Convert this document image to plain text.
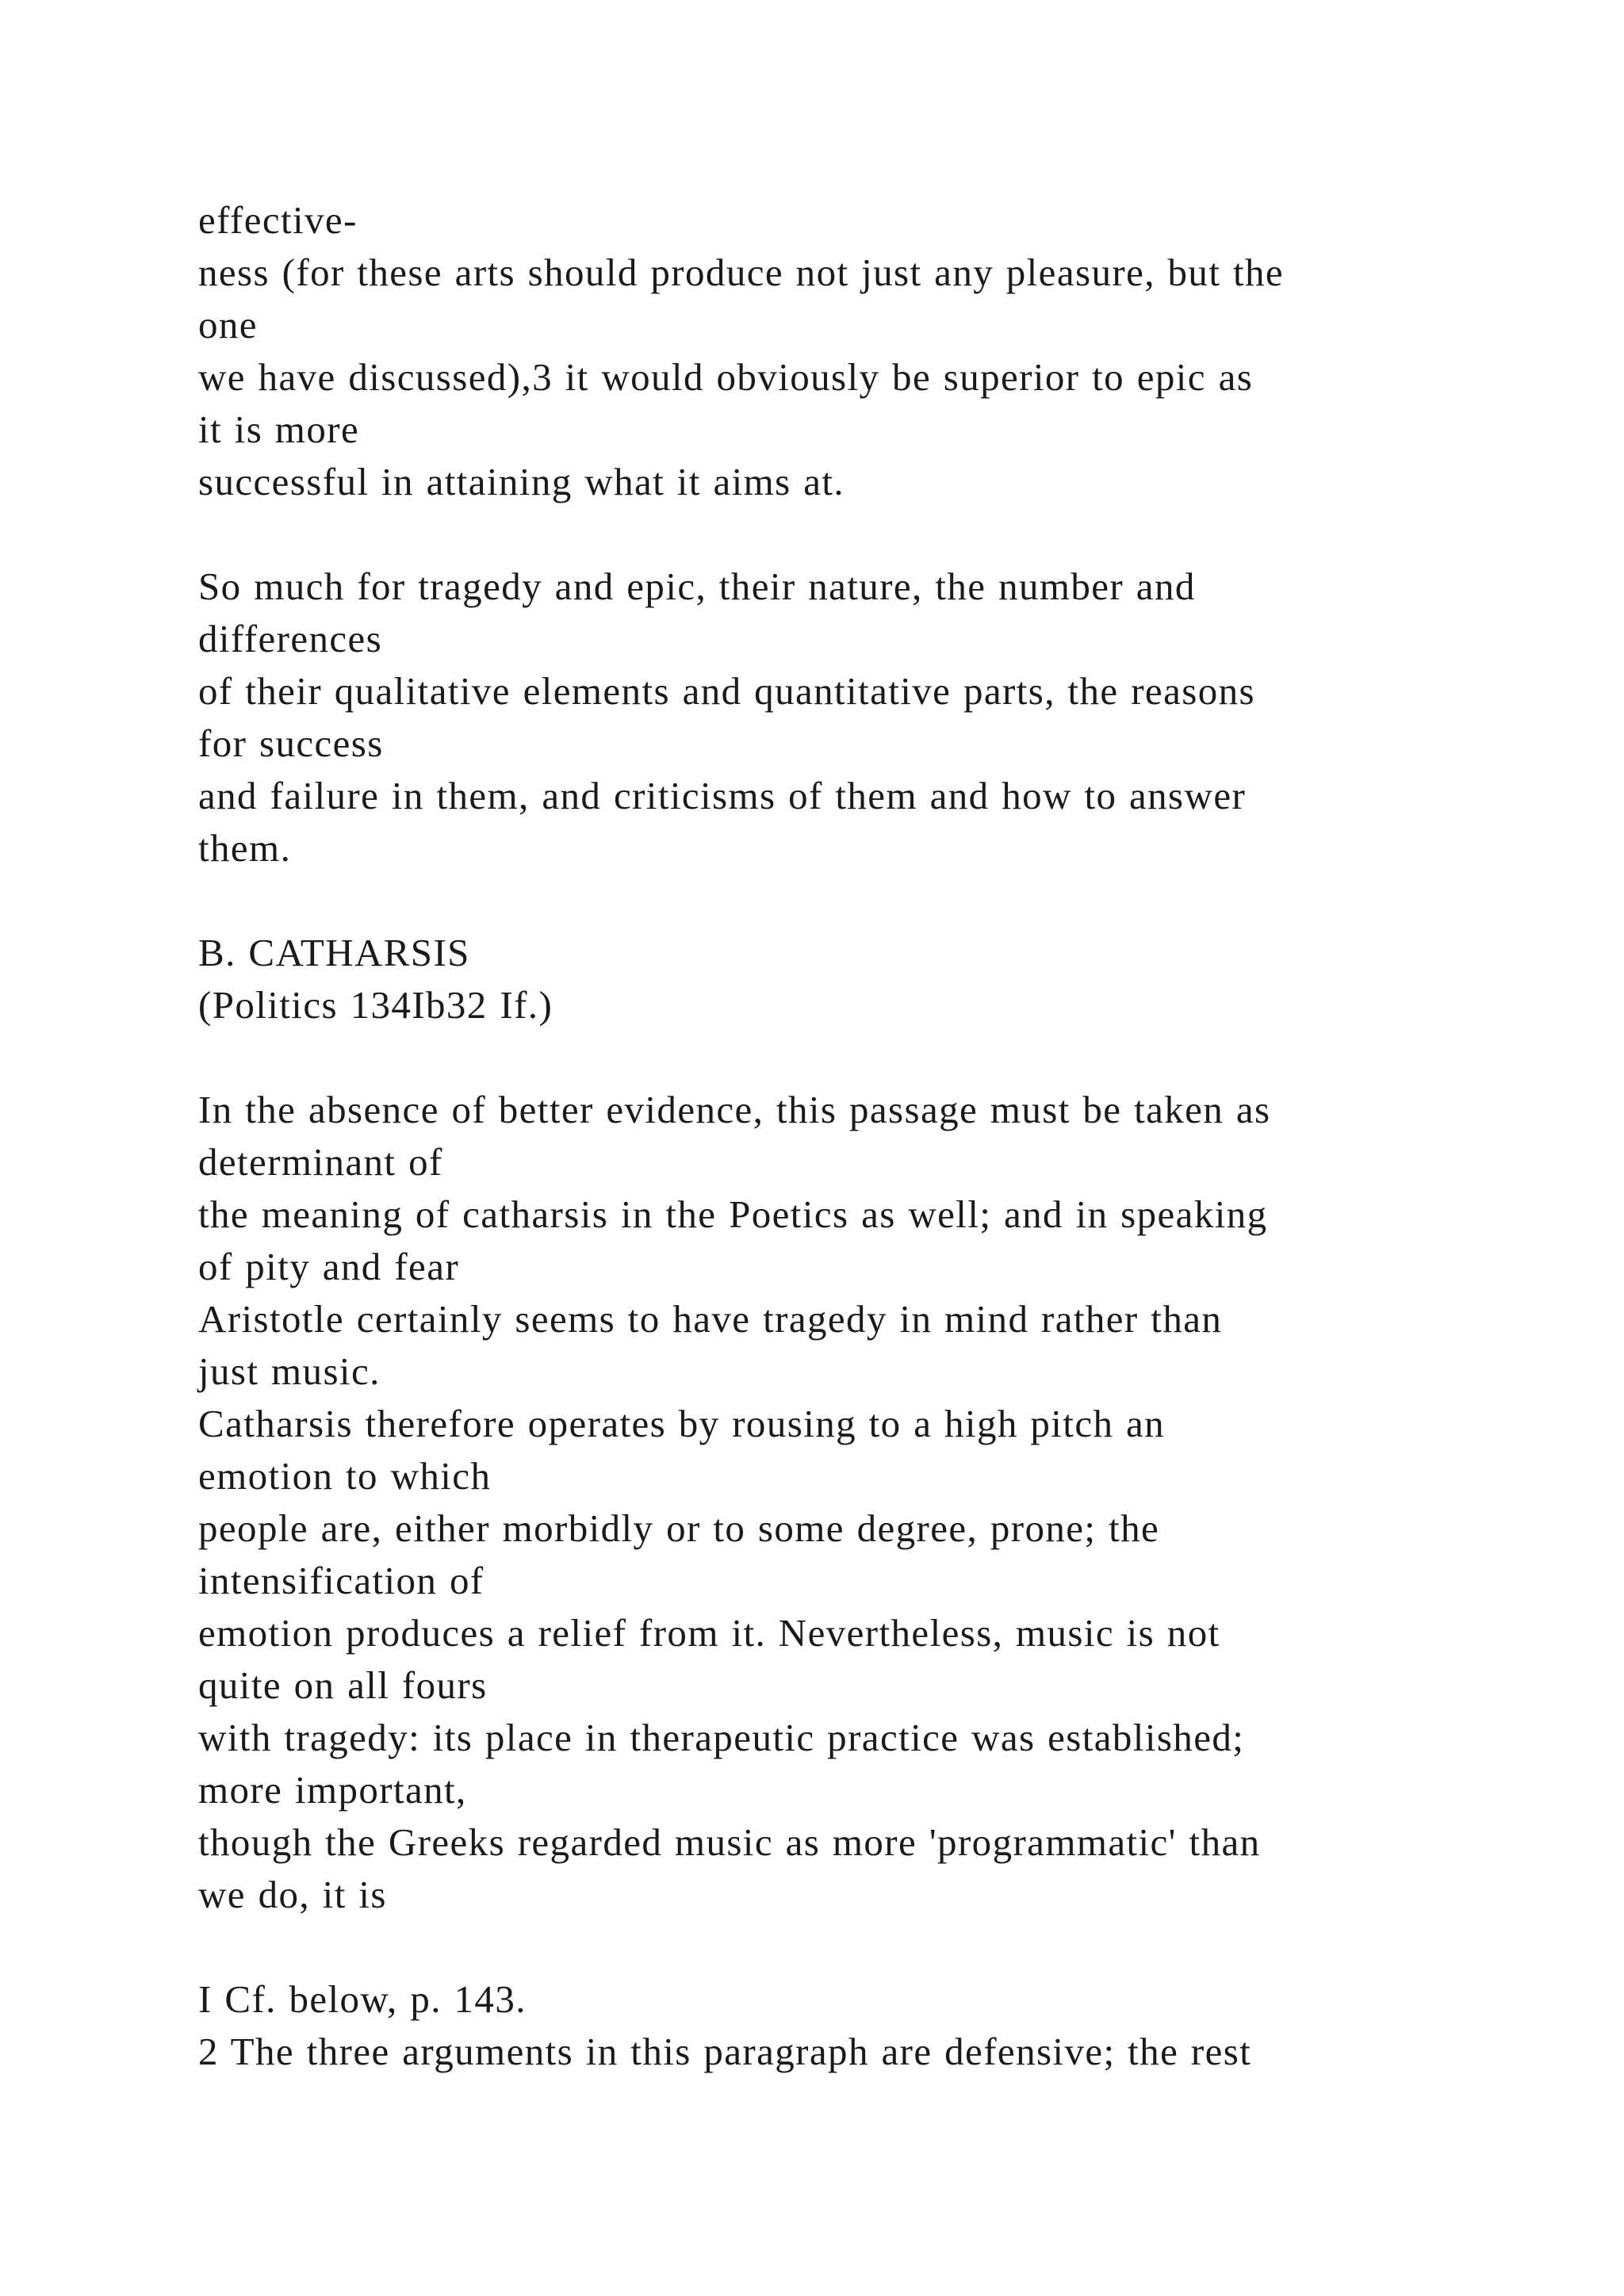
effective-
ness (for these arts should produce not just any pleasure, but the
one
we have discussed),3 it would obviously be superior to epic as
it is more
successful in attaining what it aims at.
So much for tragedy and epic, their nature, the number and
differences
of their qualitative elements and quantitative parts, the reasons
for success
and failure in them, and criticisms of them and how to answer
them.
B. CATHARSIS
(Politics 134Ib32 If.)
In the absence of better evidence, this passage must be taken as
determinant of
the meaning of catharsis in the Poetics as well; and in speaking
of pity and fear
Aristotle certainly seems to have tragedy in mind rather than
just music.
Catharsis therefore operates by rousing to a high pitch an
emotion to which
people are, either morbidly or to some degree, prone; the
intensification of
emotion produces a relief from it. Nevertheless, music is not
quite on all fours
with tragedy: its place in therapeutic practice was established;
more important,
though the Greeks regarded music as more 'programmatic' than
we do, it is
I Cf. below, p. 143.
2 The three arguments in this paragraph are defensive; the rest
